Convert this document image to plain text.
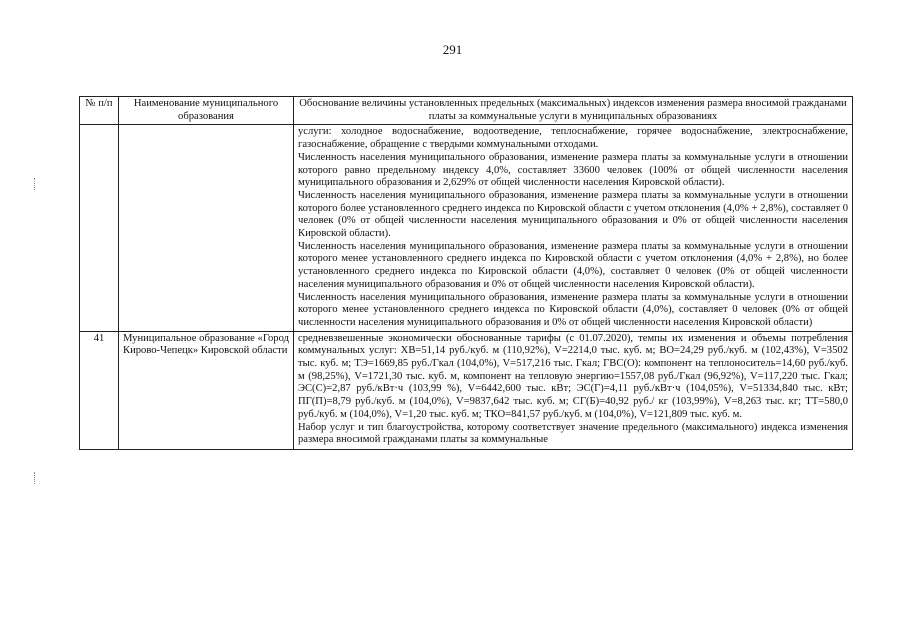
291
№ п/п	Наименование муниципального образования	Обоснование величины установленных предельных (максимальных) индексов изменения размера вносимой гражданами платы за коммунальные услуги в муниципальных образованиях

		услуги: холодное водоснабжение, водоотведение, теплоснабжение, горячее водоснабжение, электроснабжение, газоснабжение, обращение с твердыми коммунальными отходами.
Численность населения муниципального образования, изменение размера платы за коммунальные услуги в отношении которого равно предельному индексу 4,0%, составляет 33600 человек (100% от общей численности населения муниципального образования и 2,629% от общей численности населения Кировской области).
Численность населения муниципального образования, изменение размера платы за коммунальные услуги в отношении которого более установленного среднего индекса по Кировской области с учетом отклонения (4,0% + 2,8%), составляет 0 человек (0% от общей численности населения муниципального образования и 0% от общей численности населения Кировской области).
Численность населения муниципального образования, изменение размера платы за коммунальные услуги в отношении которого менее установленного среднего индекса по Кировской области с учетом отклонения (4,0% + 2,8%), но более установленного среднего индекса по Кировской области (4,0%), составляет 0 человек (0% от общей численности населения муниципального образования и 0% от общей численности населения Кировской области).
Численность населения муниципального образования, изменение размера платы за коммунальные услуги в отношении которого менее установленного среднего индекса по Кировской области (4,0%), составляет 0 человек (0% от общей численности населения муниципального образования и 0% от общей численности населения Кировской области)

41	Муниципальное образование «Город Кирово-Чепецк» Кировской области	средневзвешенные экономически обоснованные тарифы (с 01.07.2020), темпы их изменения и объемы потребления коммунальных услуг: ХВ=51,14 руб./куб. м (110,92%), V=2214,0 тыс. куб. м; ВО=24,29 руб./куб. м (102,43%), V=3502 тыс. куб. м; ТЭ=1669,85 руб./Гкал (104,0%), V=517,216 тыс. Гкал; ГВС(О): компонент на теплоноситель=14,60 руб./куб. м (98,25%), V=1721,30 тыс. куб. м, компонент на тепловую энергию=1557,08 руб./Гкал (96,92%), V=117,220 тыс. Гкал; ЭС(С)=2,87 руб./кВт·ч (103,99 %), V=6442,600 тыс. кВт; ЭС(Г)=4,11 руб./кВт·ч (104,05%), V=51334,840 тыс. кВт; ПГ(П)=8,79 руб./куб. м (104,0%), V=9837,642 тыс. куб. м; СГ(Б)=40,92 руб./ кг (103,99%), V=8,263 тыс. кг; ТТ=580,0 руб./куб. м (104,0%), V=1,20 тыс. куб. м; ТКО=841,57 руб./куб. м (104,0%), V=121,809 тыс. куб. м.
Набор услуг и тип благоустройства, которому соответствует значение предельного (максимального) индекса изменения размера вносимой гражданами платы за коммунальные
